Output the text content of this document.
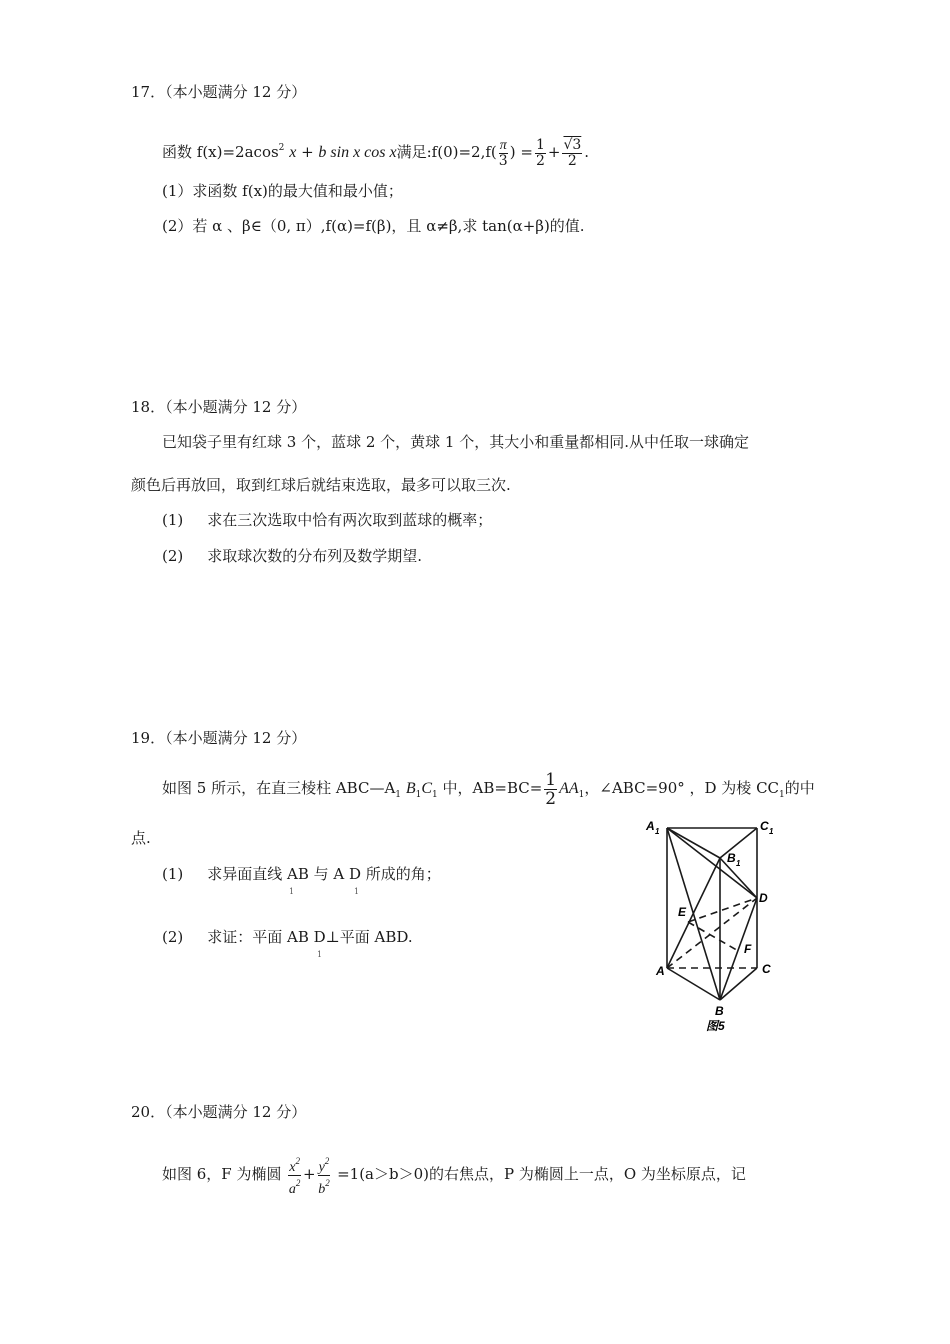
17．（本小题满分 12 分）
函数 f(x)=2acos$^2$ x + b sin x cos x满足:f(0)=2,f( $\frac{\pi}{3}$ ) = $\frac{1}{2} + \frac{√3}{2}$ .
(1）求函数 f(x)的最大值和最小值；
(2）若 α 、β∈（0, π）,f(α)=f(β)，且 α≠β,求 tan(α+β)的值.
18．（本小题满分 12 分）
已知袋子里有红球 3 个，蓝球 2 个，黄球 1 个，其大小和重量都相同.从中任取一球确定
颜色后再放回，取到红球后就结束选取，最多可以取三次.
(1) 求在三次选取中恰有两次取到蓝球的概率；
(2) 求取球次数的分布列及数学期望.
19．（本小题满分 12 分）
如图 5 所示，在直三棱柱 $ABC—A_1$ $B_1C_1$ 中，$AB=BC= \frac{1}{2} AA_1$，∠ABC=90° ，D 为棱 $CC_1$的中
点.
(1) 求异面直线 AB 与 A D 所成的角；
1	1
(2) 求证：平面 AB D⊥平面 ABD.
1
A 1	C 1
B 1
D
E
F
A	C
B
图5
20．（本小题满分 12 分）
如图 6，F 为椭圆 $\frac{x^2}{a^2} + \frac{y^2}{b^2} =1(a>b>0)$的右焦点，P 为椭圆上一点，O 为坐标原点，记
